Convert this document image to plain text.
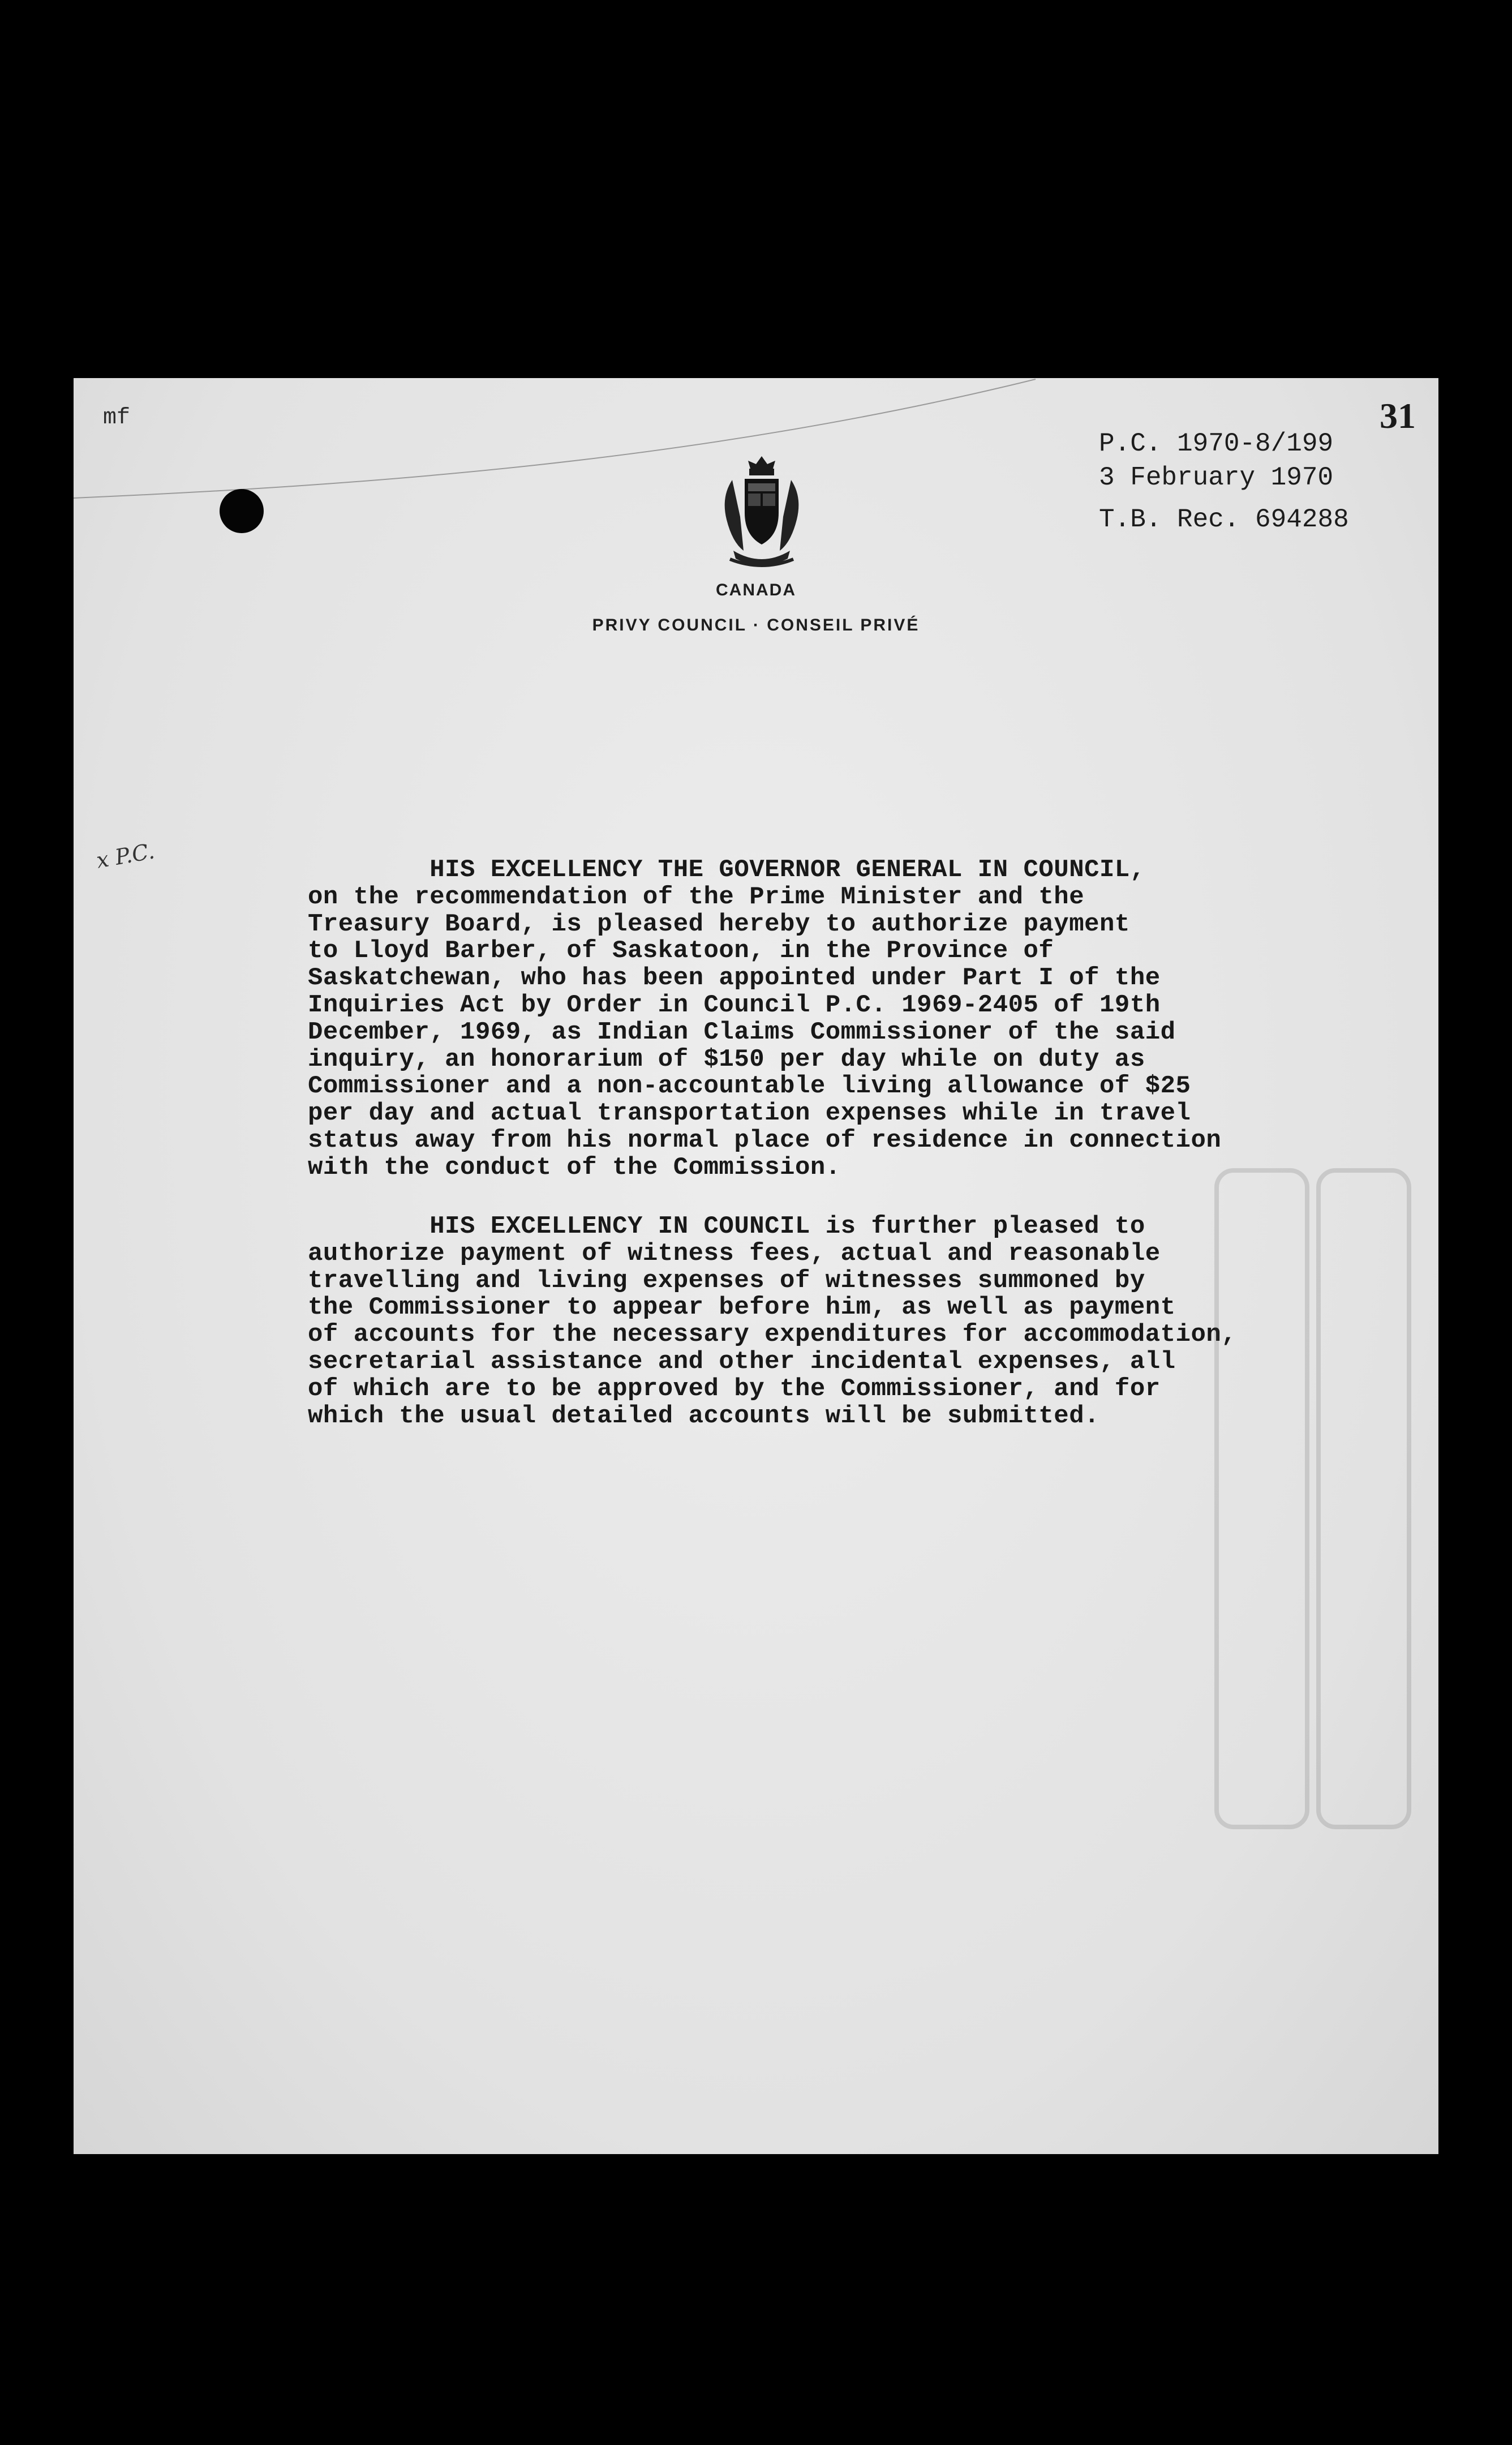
mf	31
P.C. 1970-8/199
3 February 1970
T.B. Rec. 694288
CANADA
PRIVY COUNCIL · CONSEIL PRIVÉ
x P.C.	HIS EXCELLENCY THE GOVERNOR GENERAL IN COUNCIL,
on the recommendation of the Prime Minister and the
Treasury Board, is pleased hereby to authorize payment
to Lloyd Barber, of Saskatoon, in the Province of
Saskatchewan, who has been appointed under Part I of the
Inquiries Act by Order in Council P.C. 1969-2405 of 19th
December, 1969, as Indian Claims Commissioner of the said
inquiry, an honorarium of $150 per day while on duty as
Commissioner and a non-accountable living allowance of $25
per day and actual transportation expenses while in travel
status away from his normal place of residence in connection
with the conduct of the Commission.
HIS EXCELLENCY IN COUNCIL is further pleased to
authorize payment of witness fees, actual and reasonable
travelling and living expenses of witnesses summoned by
the Commissioner to appear before him, as well as payment
of accounts for the necessary expenditures for accommodation,
secretarial assistance and other incidental expenses, all
of which are to be approved by the Commissioner, and for
which the usual detailed accounts will be submitted.
